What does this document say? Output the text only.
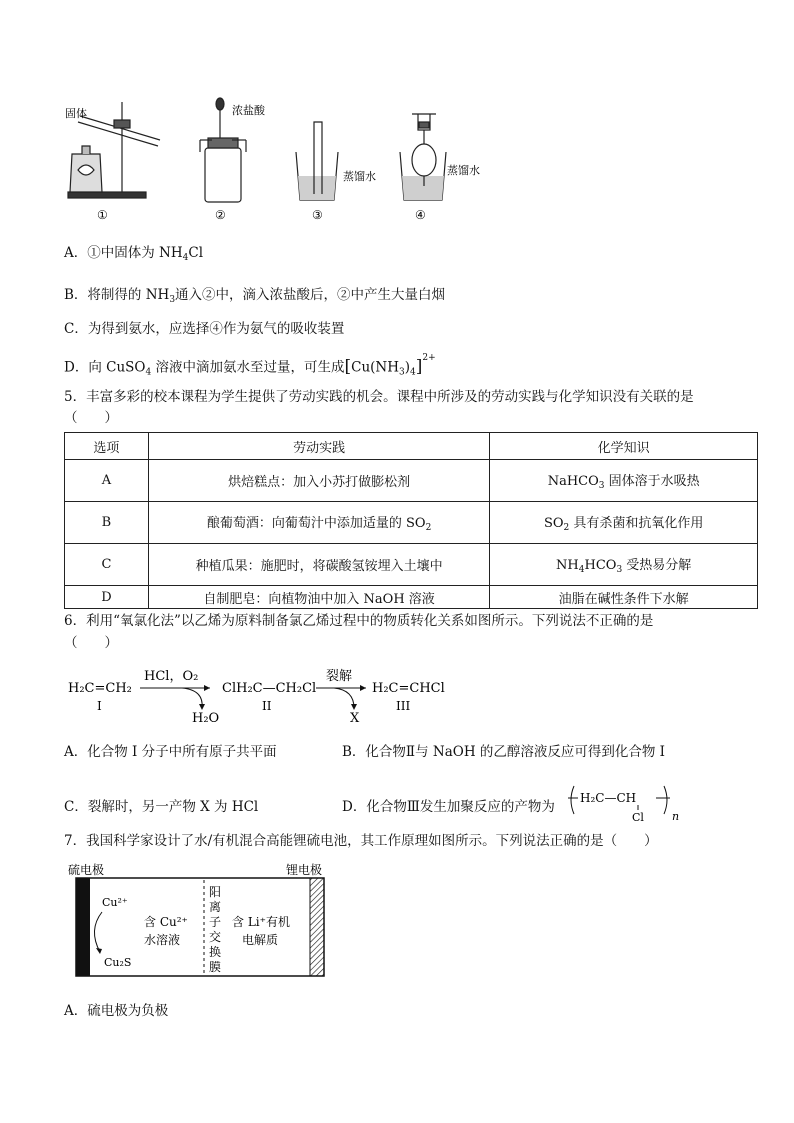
固体
①
浓盐酸
②
蒸馏水
③
蒸馏水
④
A．①中固体为 $NH_4Cl$
B．将制得的 $NH_3$通入②中，滴入浓盐酸后，②中产生大量白烟
C．为得到氨水，应选择④作为氨气的吸收装置
D．向 CuSO$_4$ 溶液中滴加氨水至过量，可生成$[Cu(NH_3)_4]^{2+}$
5．丰富多彩的校本课程为学生提供了劳动实践的机会。课程中所涉及的劳动实践与化学知识没有关联的是
（　　）
选项	劳动实践	化学知识
A	烘焙糕点：加入小苏打做膨松剂	NaHCO$_3$ 固体溶于水吸热
B	酿葡萄酒：向葡萄汁中添加适量的 $SO_2$	$SO_2$ 具有杀菌和抗氧化作用
C	种植瓜果：施肥时，将碳酸氢铵埋入土壤中	$NH_4HCO_3$ 受热易分解
D	自制肥皂：向植物油中加入 NaOH 溶液	油脂在碱性条件下水解
6．利用“氧氯化法”以乙烯为原料制备氯乙烯过程中的物质转化关系如图所示。下列说法不正确的是
（　　）
H₂C=CH₂
I
HCl，O₂
H₂O
ClH₂C—CH₂Cl
II
裂解
X
H₂C=CHCl
III
A．化合物 I 分子中所有原子共平面	B．化合物Ⅱ与 NaOH 的乙醇溶液反应可得到化合物 I
C．裂解时，另一产物 X 为 HCl	D．化合物Ⅲ发生加聚反应的产物为
H₂C—CH
Cl	n
7．我国科学家设计了水/有机混合高能锂硫电池，其工作原理如图所示。下列说法正确的是（　　）
硫电极	锂电极
Cu²⁺
Cu₂S
含 Cu²⁺
水溶液
阳
离
子
交
换
膜
含 Li⁺有机
电解质
A．硫电极为负极
